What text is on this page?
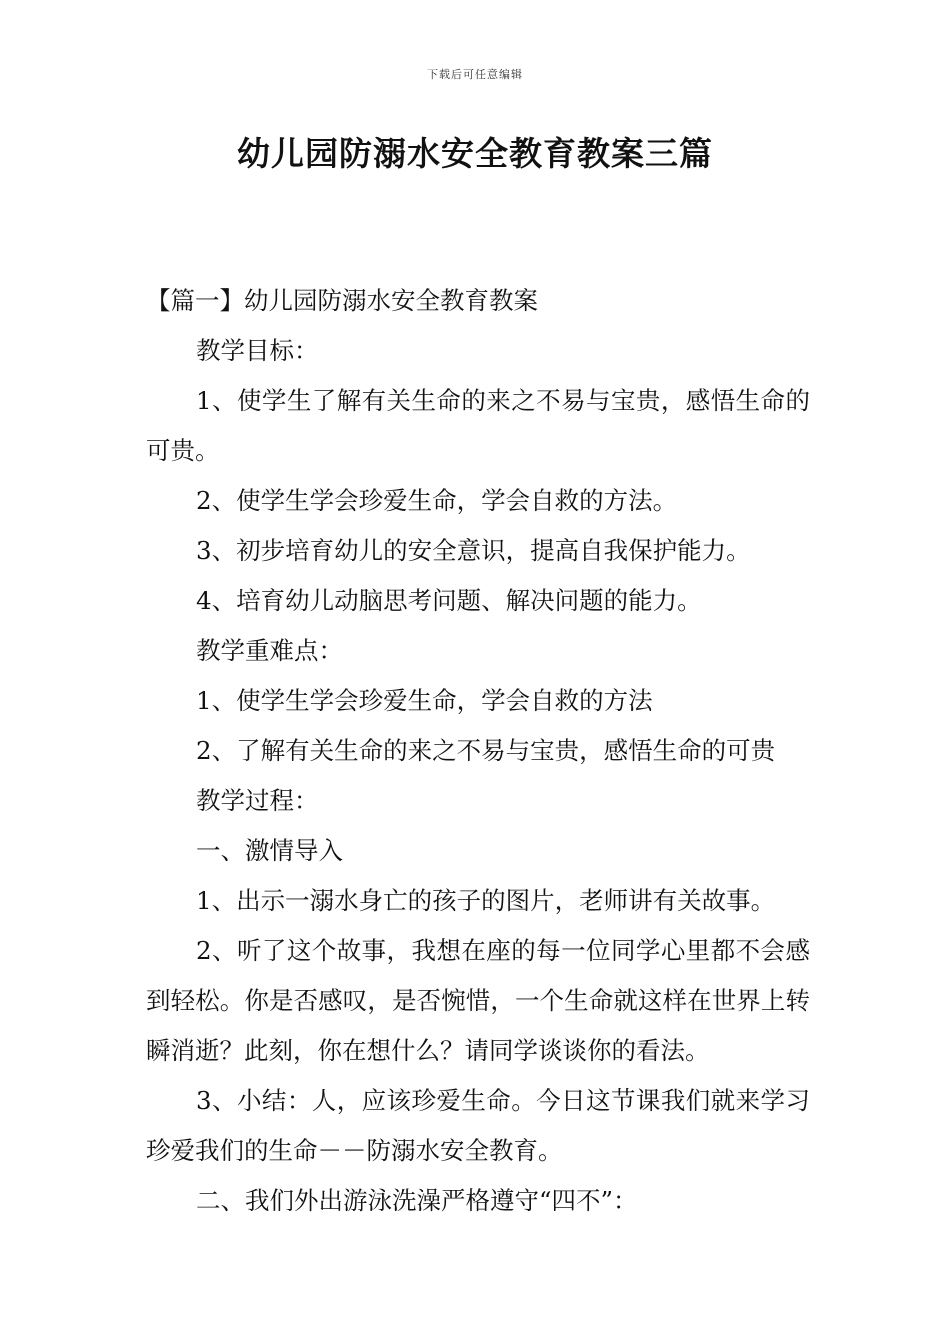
下载后可任意编辑
幼儿园防溺水安全教育教案三篇

【篇一】幼儿园防溺水安全教育教案

教学目标：

1、使学生了解有关生命的来之不易与宝贵，感悟生命的可贵。

2、使学生学会珍爱生命，学会自救的方法。

3、初步培育幼儿的安全意识，提高自我保护能力。

4、培育幼儿动脑思考问题、解决问题的能力。

教学重难点：

1、使学生学会珍爱生命，学会自救的方法

2、了解有关生命的来之不易与宝贵，感悟生命的可贵

教学过程：

一、激情导入

1、出示一溺水身亡的孩子的图片，老师讲有关故事。

2、听了这个故事，我想在座的每一位同学心里都不会感到轻松。你是否感叹，是否惋惜，一个生命就这样在世界上转瞬消逝？此刻，你在想什么？请同学谈谈你的看法。

3、小结：人，应该珍爱生命。今日这节课我们就来学习珍爱我们的生命－－防溺水安全教育。

二、我们外出游泳洗澡严格遵守“四不”：
